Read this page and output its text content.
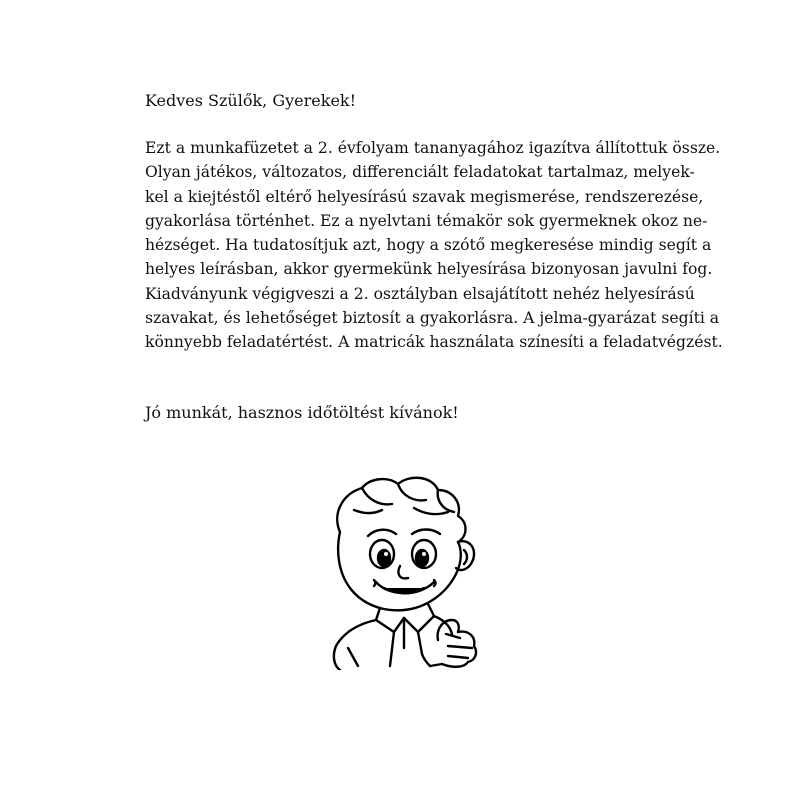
Kedves Szülők, Gyerekek!

Ezt a munkafüzetet a 2. évfolyam tananyagához igazítva állítottuk össze.
Olyan játékos, változatos, differenciált feladatokat tartalmaz, melyek-
kel a kiejtéstől eltérő helyesírású szavak megismerése, rendszerezése,
gyakorlása történhet. Ez a nyelvtani témakör sok gyermeknek okoz ne-
hézséget. Ha tudatosítjuk azt, hogy a szótő megkeresése mindig segít a
helyes leírásban, akkor gyermekünk helyesírása bizonyosan javulni fog.
Kiadványunk végigveszi a 2. osztályban elsajátított nehéz helyesírású
szavakat, és lehetőséget biztosít a gyakorlásra. A jelma-gyarázat segíti a
könnyebb feladatértést. A matricák használata színesíti a feladatvégzést.

Jó munkát, hasznos időtöltést kívánok!
